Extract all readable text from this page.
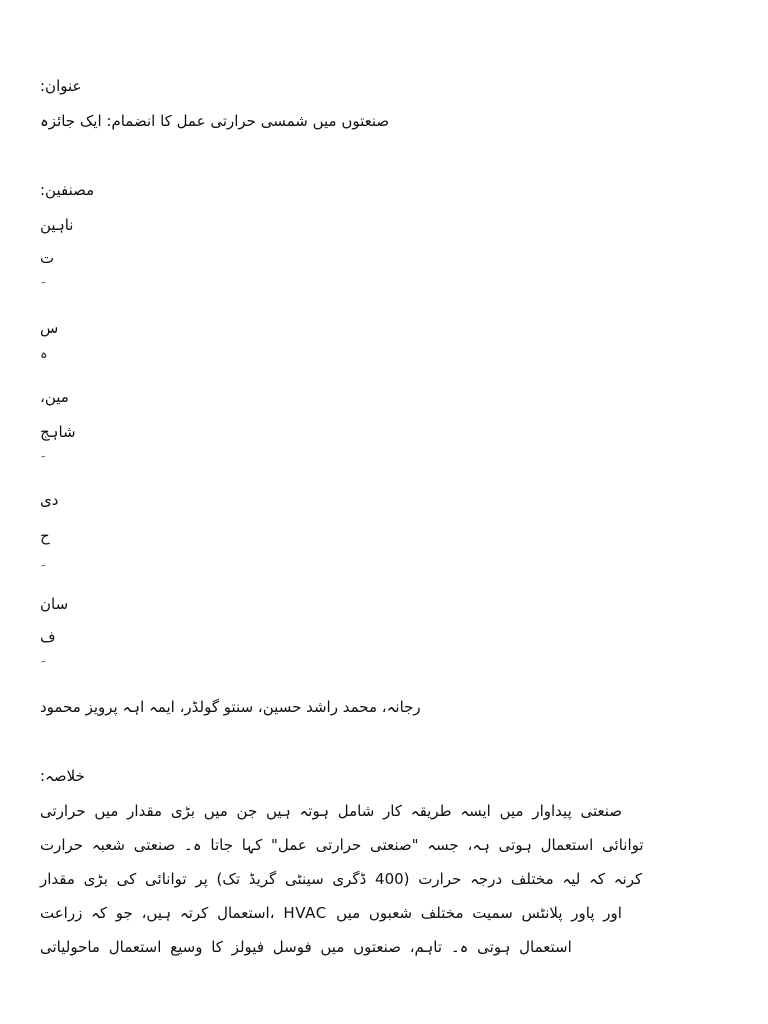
عنوان:
صنعتوں میں شمسی حرارتی عمل کا انضمام: ایک جائزہ
مصنفین:
ناہین
ت
س
ہ
مین،
شاہج
دی
ح
سان
ف
رجانہ، محمد راشد حسین، سنتو گولڈر، ایمہ اہہ پرویز محمود
خلاصہ:
صنعتی پیداوار میں ایسہ طریقہ کار شامل ہوتہ ہیں جن میں بڑی مقدار میں حرارتی
توانائی استعمال ہوتی ہہ، جسہ "صنعتی حرارتی عمل" کہا جاتا ہ۔ صنعتی شعبہ حرارت
کرنہ کہ لیہ مختلف درجہ حرارت (400 ڈگری سینٹی گریڈ تک) پر توانائی کی بڑی مقدار
استعمال کرتہ ہیں، جو کہ زراعت، HVAC اور پاور پلانٹس سمیت مختلف شعبوں میں
استعمال ہوتی ہ۔ تاہم، صنعتوں میں فوسل فیولز کا وسیع استعمال ماحولیاتی
